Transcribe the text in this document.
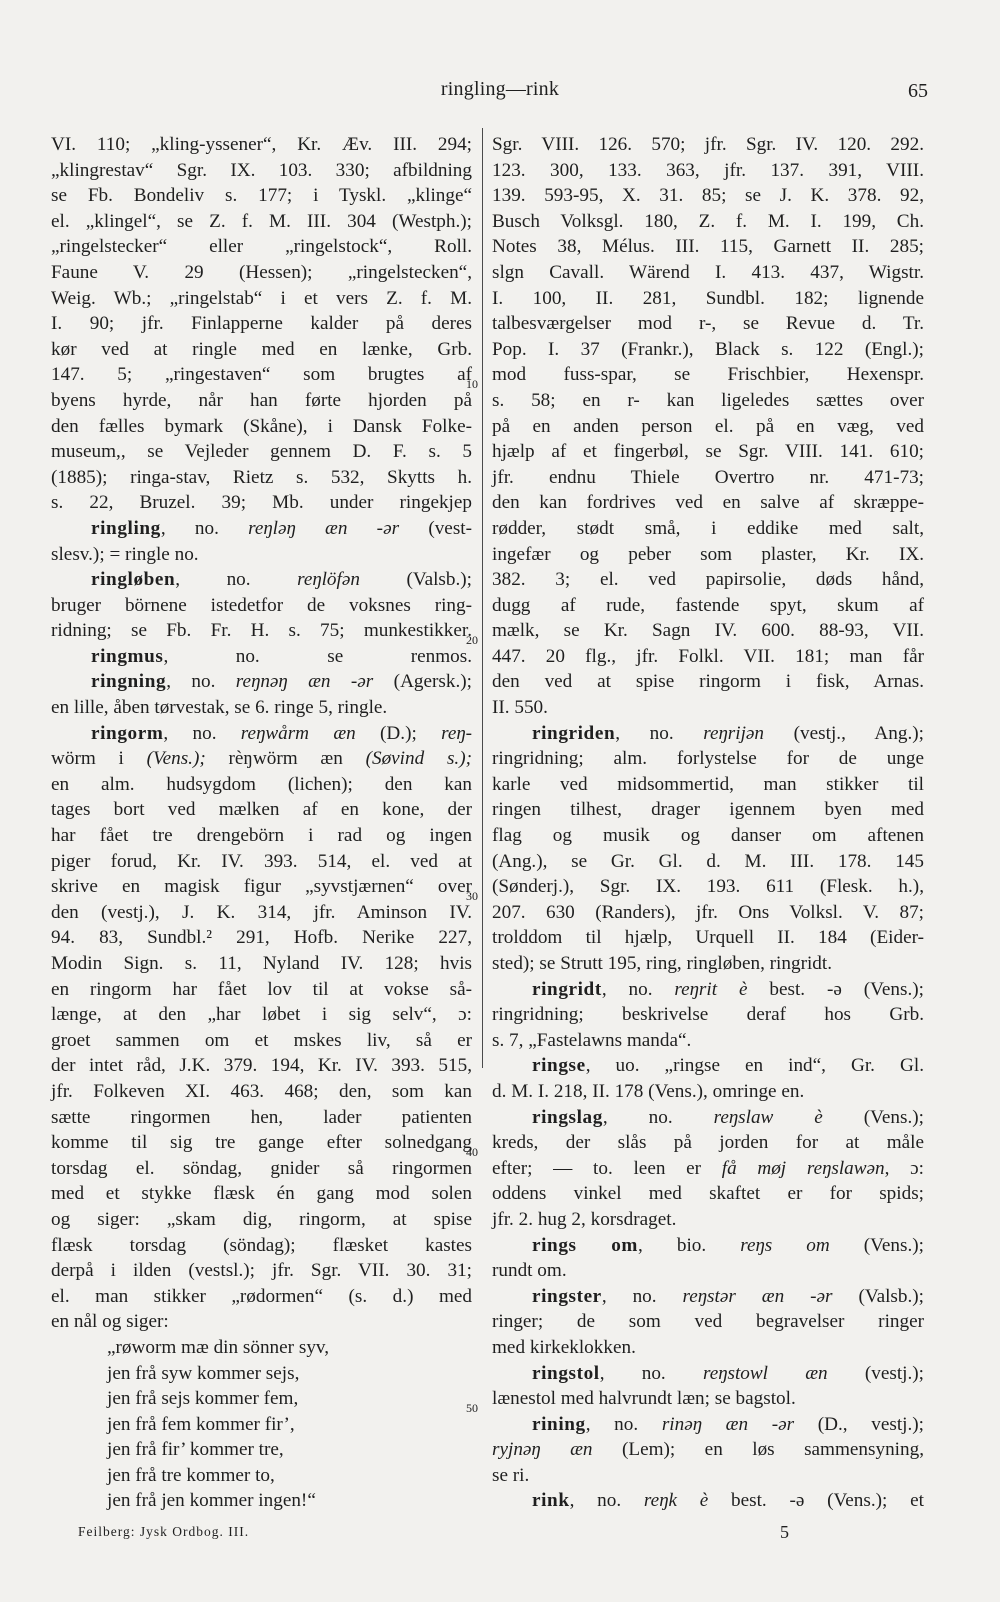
ringling—rink	65
VI. 110; „kling-yssener“, Kr. Æv. III. 294;
„klingrestav“ Sgr. IX. 103. 330; afbildning
se Fb. Bondeliv s. 177; i Tyskl. „klinge“
el. „klingel“, se Z. f. M. III. 304 (Westph.);
„ringelstecker“ eller „ringelstock“, Roll.
Faune V. 29 (Hessen); „ringelstecken“,
Weig. Wb.; „ringelstab“ i et vers Z. f. M.
I. 90; jfr. Finlapperne kalder på deres
kør ved at ringle med en lænke, Grb.
147. 5; „ringestaven“ som brugtes af
byens hyrde, når han førte hjorden på
den fælles bymark (Skåne), i Dansk Folke-
museum,, se Vejleder gennem D. F. s. 5
(1885); ringa-stav, Rietz s. 532, Skytts h.
s. 22, Bruzel. 39; Mb. under ringekjep
ringling, no. reŋləŋ æn -ər (vest-
slesv.); = ringle no.
ringløben, no. reŋlöfən (Valsb.);
bruger börnene istedetfor de voksnes ring-
ridning; se Fb. Fr. H. s. 75; munkestikker.
ringmus, no. se renmos.
ringning, no. reŋnəŋ æn -ər (Agersk.);
en lille, åben tørvestak, se 6. ringe 5, ringle.
ringorm, no. reŋwårm æn (D.); reŋ-
wörm i (Vens.); rèŋwörm æn (Søvind s.);
en alm. hudsygdom (lichen); den kan
tages bort ved mælken af en kone, der
har fået tre drengebörn i rad og ingen
piger forud, Kr. IV. 393. 514, el. ved at
skrive en magisk figur „syvstjærnen“ over
den (vestj.), J. K. 314, jfr. Aminson IV.
94. 83, Sundbl.² 291, Hofb. Nerike 227,
Modin Sign. s. 11, Nyland IV. 128; hvis
en ringorm har fået lov til at vokse så-
længe, at den „har løbet i sig selv“, ɔ:
groet sammen om et mskes liv, så er
der intet råd, J.K. 379. 194, Kr. IV. 393. 515,
jfr. Folkeven XI. 463. 468; den, som kan
sætte ringormen hen, lader patienten
komme til sig tre gange efter solnedgang
torsdag el. söndag, gnider så ringormen
med et stykke flæsk én gang mod solen
og siger: „skam dig, ringorm, at spise
flæsk torsdag (söndag); flæsket kastes
derpå i ilden (vestsl.); jfr. Sgr. VII. 30. 31;
el. man stikker „rødormen“ (s. d.) med
en nål og siger:
„røworm mæ din sönner syv,
jen frå syw kommer sejs,
jen frå sejs kommer fem,
jen frå fem kommer fir’,
jen frå fir’ kommer tre,
jen frå tre kommer to,
jen frå jen kommer ingen!“
Sgr. VIII. 126. 570; jfr. Sgr. IV. 120. 292.
123. 300, 133. 363, jfr. 137. 391, VIII.
139. 593-95, X. 31. 85; se J. K. 378. 92,
Busch Volksgl. 180, Z. f. M. I. 199, Ch.
Notes 38, Mélus. III. 115, Garnett II. 285;
slgn Cavall. Wärend I. 413. 437, Wigstr.
I. 100, II. 281, Sundbl. 182; lignende
talbesværgelser mod r-, se Revue d. Tr.
Pop. I. 37 (Frankr.), Black s. 122 (Engl.);
mod fuss-spar, se Frischbier, Hexenspr.
s. 58; en r- kan ligeledes sættes over
på en anden person el. på en væg, ved
hjælp af et fingerbøl, se Sgr. VIII. 141. 610;
jfr. endnu Thiele Overtro nr. 471-73;
den kan fordrives ved en salve af skræppe-
rødder, stødt små, i eddike med salt,
ingefær og peber som plaster, Kr. IX.
382. 3; el. ved papirsolie, døds hånd,
dugg af rude, fastende spyt, skum af
mælk, se Kr. Sagn IV. 600. 88-93, VII.
447. 20 flg., jfr. Folkl. VII. 181; man får
den ved at spise ringorm i fisk, Arnas.
II. 550.
ringriden, no. reŋrijən (vestj., Ang.);
ringridning; alm. forlystelse for de unge
karle ved midsommertid, man stikker til
ringen tilhest, drager igennem byen med
flag og musik og danser om aftenen
(Ang.), se Gr. Gl. d. M. III. 178. 145
(Sønderj.), Sgr. IX. 193. 611 (Flesk. h.),
207. 630 (Randers), jfr. Ons Volksl. V. 87;
trolddom til hjælp, Urquell II. 184 (Eider-
sted); se Strutt 195, ring, ringløben, ringridt.
ringridt, no. reŋrit è best. -ə (Vens.);
ringridning; beskrivelse deraf hos Grb.
s. 7, „Fastelawns manda“.
ringse, uo. „ringse en ind“, Gr. Gl.
d. M. I. 218, II. 178 (Vens.), omringe en.
ringslag, no. reŋslaw è (Vens.);
kreds, der slås på jorden for at måle
efter; — to. leen er få møj reŋslawən, ɔ:
oddens vinkel med skaftet er for spids;
jfr. 2. hug 2, korsdraget.
rings om, bio. reŋs om (Vens.);
rundt om.
ringster, no. reŋstər æn -ər (Valsb.);
ringer; de som ved begravelser ringer
med kirkeklokken.
ringstol, no. reŋstowl æn (vestj.);
lænestol med halvrundt læn; se bagstol.
rining, no. rinəŋ æn -ər (D., vestj.);
ryjnəŋ æn (Lem); en løs sammensyning,
se ri.
rink, no. reŋk è best. -ə (Vens.); et
10
20
30
40
50
Feilberg: Jysk Ordbog. III.	5
